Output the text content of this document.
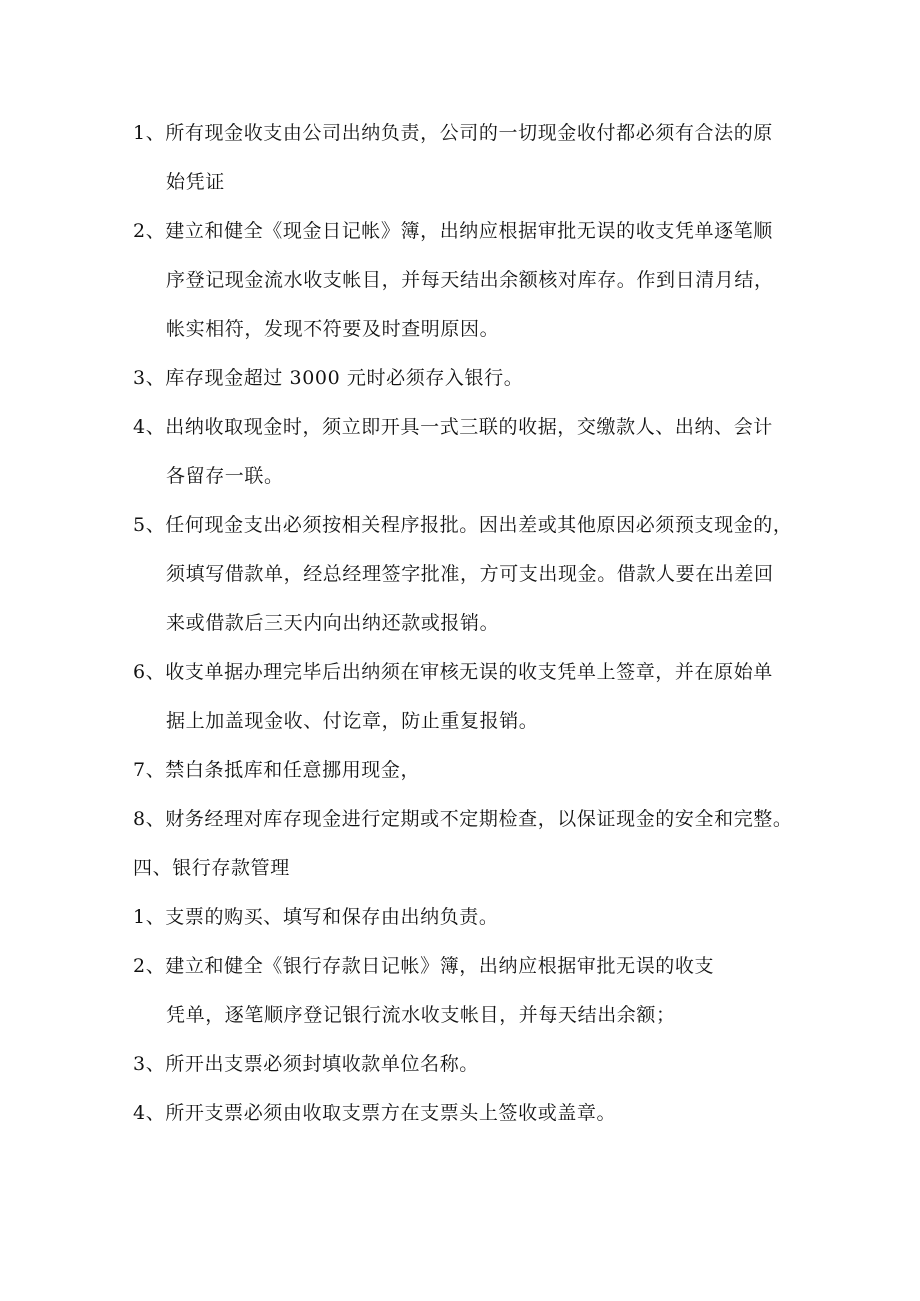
1、所有现金收支由公司出纳负责，公司的一切现金收付都必须有合法的原
始凭证
2、建立和健全《现金日记帐》簿，出纳应根据审批无误的收支凭单逐笔顺
序登记现金流水收支帐目，并每天结出余额核对库存。作到日清月结，
帐实相符，发现不符要及时查明原因。
3、库存现金超过 3000 元时必须存入银行。
4、出纳收取现金时，须立即开具一式三联的收据，交缴款人、出纳、会计
各留存一联。
5、任何现金支出必须按相关程序报批。因出差或其他原因必须预支现金的，
须填写借款单，经总经理签字批准，方可支出现金。借款人要在出差回
来或借款后三天内向出纳还款或报销。
6、收支单据办理完毕后出纳须在审核无误的收支凭单上签章，并在原始单
据上加盖现金收、付讫章，防止重复报销。
7、禁白条抵库和任意挪用现金，
8、财务经理对库存现金进行定期或不定期检查，以保证现金的安全和完整。
四、银行存款管理
1、支票的购买、填写和保存由出纳负责。
2、建立和健全《银行存款日记帐》簿，出纳应根据审批无误的收支
凭单，逐笔顺序登记银行流水收支帐目，并每天结出余额；
3、所开出支票必须封填收款单位名称。
4、所开支票必须由收取支票方在支票头上签收或盖章。
